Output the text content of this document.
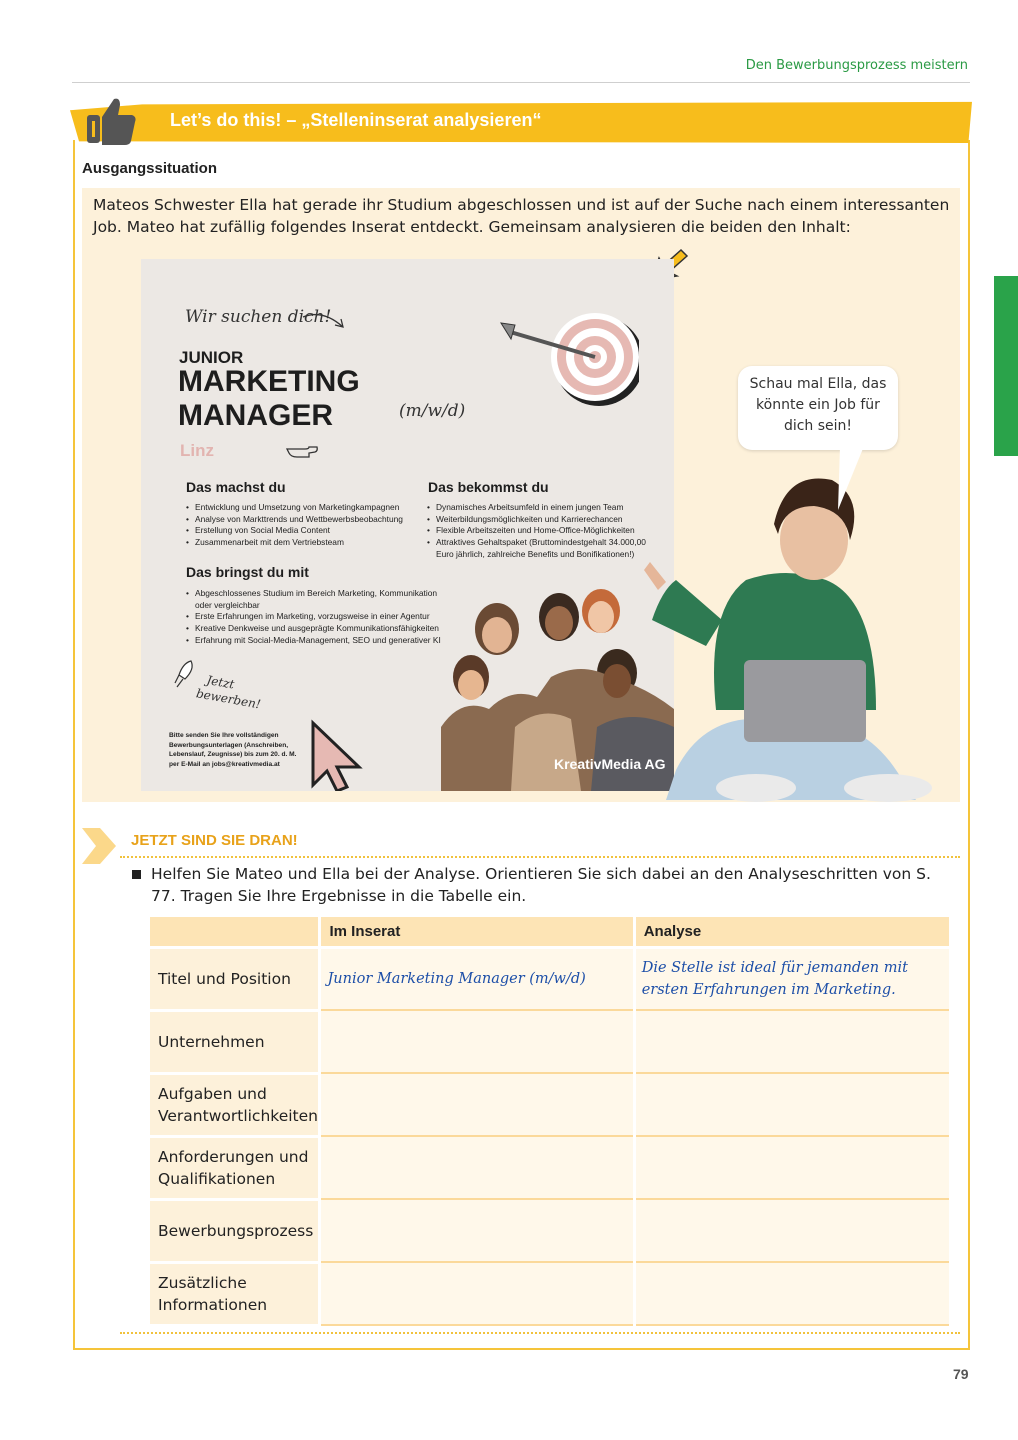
Den Bewerbungsprozess meistern
Let’s do this! – „Stelleninserat analysieren“
Ausgangssituation
Mateos Schwester Ella hat gerade ihr Studium abgeschlossen und ist auf der Suche nach einem interessanten Job. Mateo hat zufällig folgendes Inserat entdeckt. Gemeinsam analysieren die beiden den Inhalt:
Wir suchen dich!
JUNIOR
MARKETING
MANAGER	(m/w/d)
Linz
Das machst du
• Entwicklung und Umsetzung von Marketingkampagnen
• Analyse von Markttrends und Wettbewerbsbeobachtung
• Erstellung von Social Media Content
• Zusammenarbeit mit dem Vertriebsteam
Das bekommst du
• Dynamisches Arbeitsumfeld in einem jungen Team
• Weiterbildungsmöglichkeiten und Karrierechancen
• Flexible Arbeitszeiten und Home-Office-Möglichkeiten
• Attraktives Gehaltspaket (Bruttomindestgehalt 34.000,00 Euro jährlich, zahlreiche Benefits und Bonifikationen!)
Das bringst du mit
• Abgeschlossenes Studium im Bereich Marketing, Kommunikation oder vergleichbar
• Erste Erfahrungen im Marketing, vorzugsweise in einer Agentur
• Kreative Denkweise und ausgeprägte Kommunikationsfähigkeiten
• Erfahrung mit Social-Media-Management, SEO und generativer KI
Jetzt
bewerben!
Bitte senden Sie Ihre vollständigen Bewerbungsunterlagen (Anschreiben, Lebenslauf, Zeugnisse) bis zum 20. d. M. per E-Mail an jobs@kreativmedia.at	KreativMedia AG
Schau mal Ella, das könnte ein Job für dich sein!
JETZT SIND SIE DRAN!
Helfen Sie Mateo und Ella bei der Analyse. Orientieren Sie sich dabei an den Analyseschritten von S. 77. Tragen Sie Ihre Ergebnisse in die Tabelle ein.
	Im Inserat	Analyse
Titel und Position	Junior Marketing Manager (m/w/d)	Die Stelle ist ideal für jemanden mit ersten Erfahrungen im Marketing.
Unternehmen		
Aufgaben und Verantwortlichkeiten		
Anforderungen und Qualifikationen		
Bewerbungsprozess		
Zusätzliche Informationen		
79
